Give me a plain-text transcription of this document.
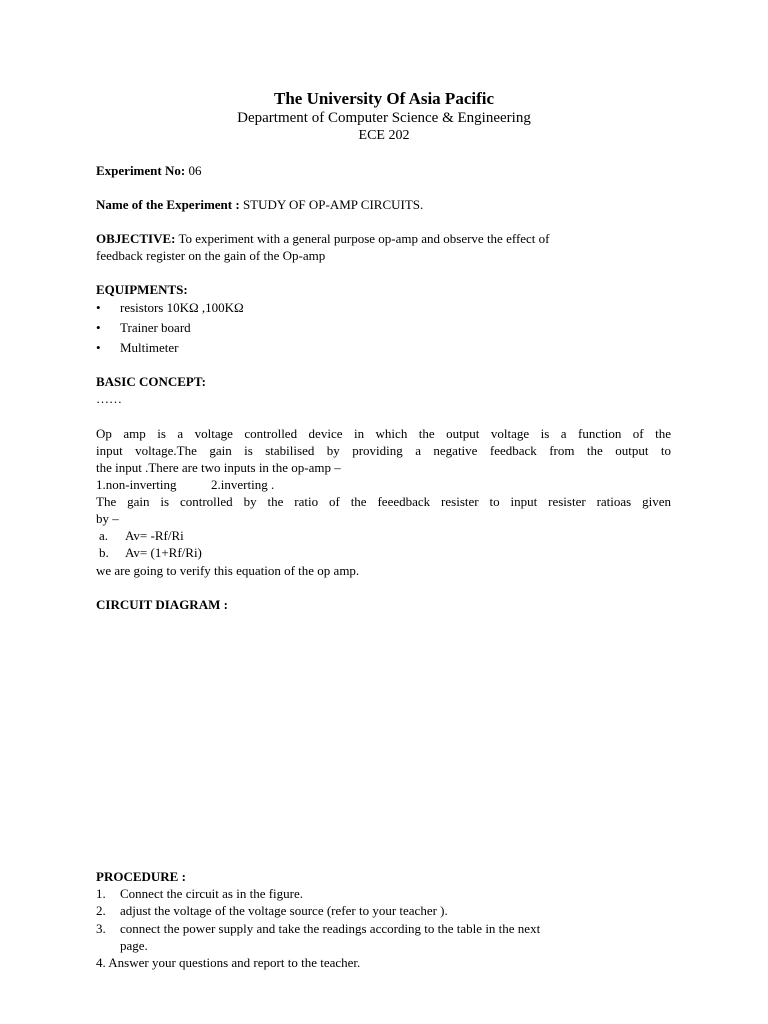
The University Of Asia Pacific
Department of Computer Science & Engineering
ECE 202
Experiment No: 06
Name of the Experiment : STUDY OF OP-AMP CIRCUITS.
OBJECTIVE: To experiment with a general purpose op-amp and observe the effect of
feedback register on the gain of the Op-amp
EQUIPMENTS:
• resistors 10KΩ ,100KΩ
• Trainer board
• Multimeter
BASIC CONCEPT:
……
Op amp is a voltage controlled device in which the output voltage is a function of the
input voltage.The gain is stabilised by providing a negative feedback from the output to
the input .There are two inputs in the op-amp –
1.non-inverting	2.inverting .
The gain is controlled by the ratio of the feeedback resister to input resister ratioas given
by –
a. Av= -Rf/Ri
b. Av= (1+Rf/Ri)
we are going to verify this equation of the op amp.
CIRCUIT DIAGRAM :
PROCEDURE :
1. Connect the circuit as in the figure.
2. adjust the voltage of the voltage source (refer to your teacher ).
3. connect the power supply and take the readings according to the table in the next
page.
4. Answer your questions and report to the teacher.
